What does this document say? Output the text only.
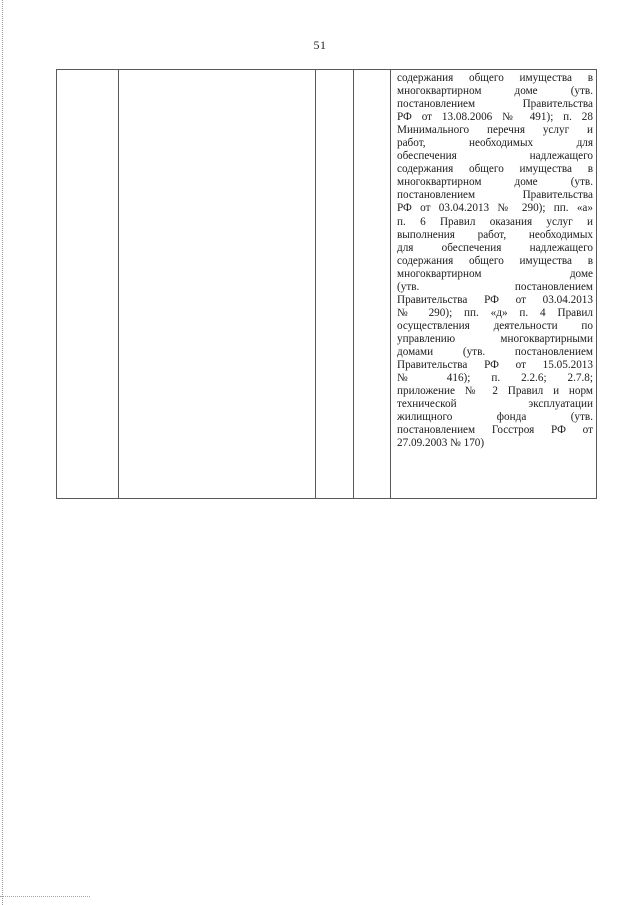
51

содержания общего имущества в
многоквартирном доме (утв.
постановлением Правительства
РФ от 13.08.2006 № 491); п. 28
Минимального перечня услуг и
работ, необходимых для
обеспечения надлежащего
содержания общего имущества в
многоквартирном доме (утв.
постановлением Правительства
РФ от 03.04.2013 № 290); пп. «а»
п. 6 Правил оказания услуг и
выполнения работ, необходимых
для обеспечения надлежащего
содержания общего имущества в
многоквартирном доме
(утв. постановлением
Правительства РФ от 03.04.2013
№ 290); пп. «д» п. 4 Правил
осуществления деятельности по
управлению многоквартирными
домами (утв. постановлением
Правительства РФ от 15.05.2013
№ 416); п. 2.2.6; 2.7.8;
приложение № 2 Правил и норм
технической эксплуатации
жилищного фонда (утв.
постановлением Госстроя РФ от
27.09.2003 № 170)
